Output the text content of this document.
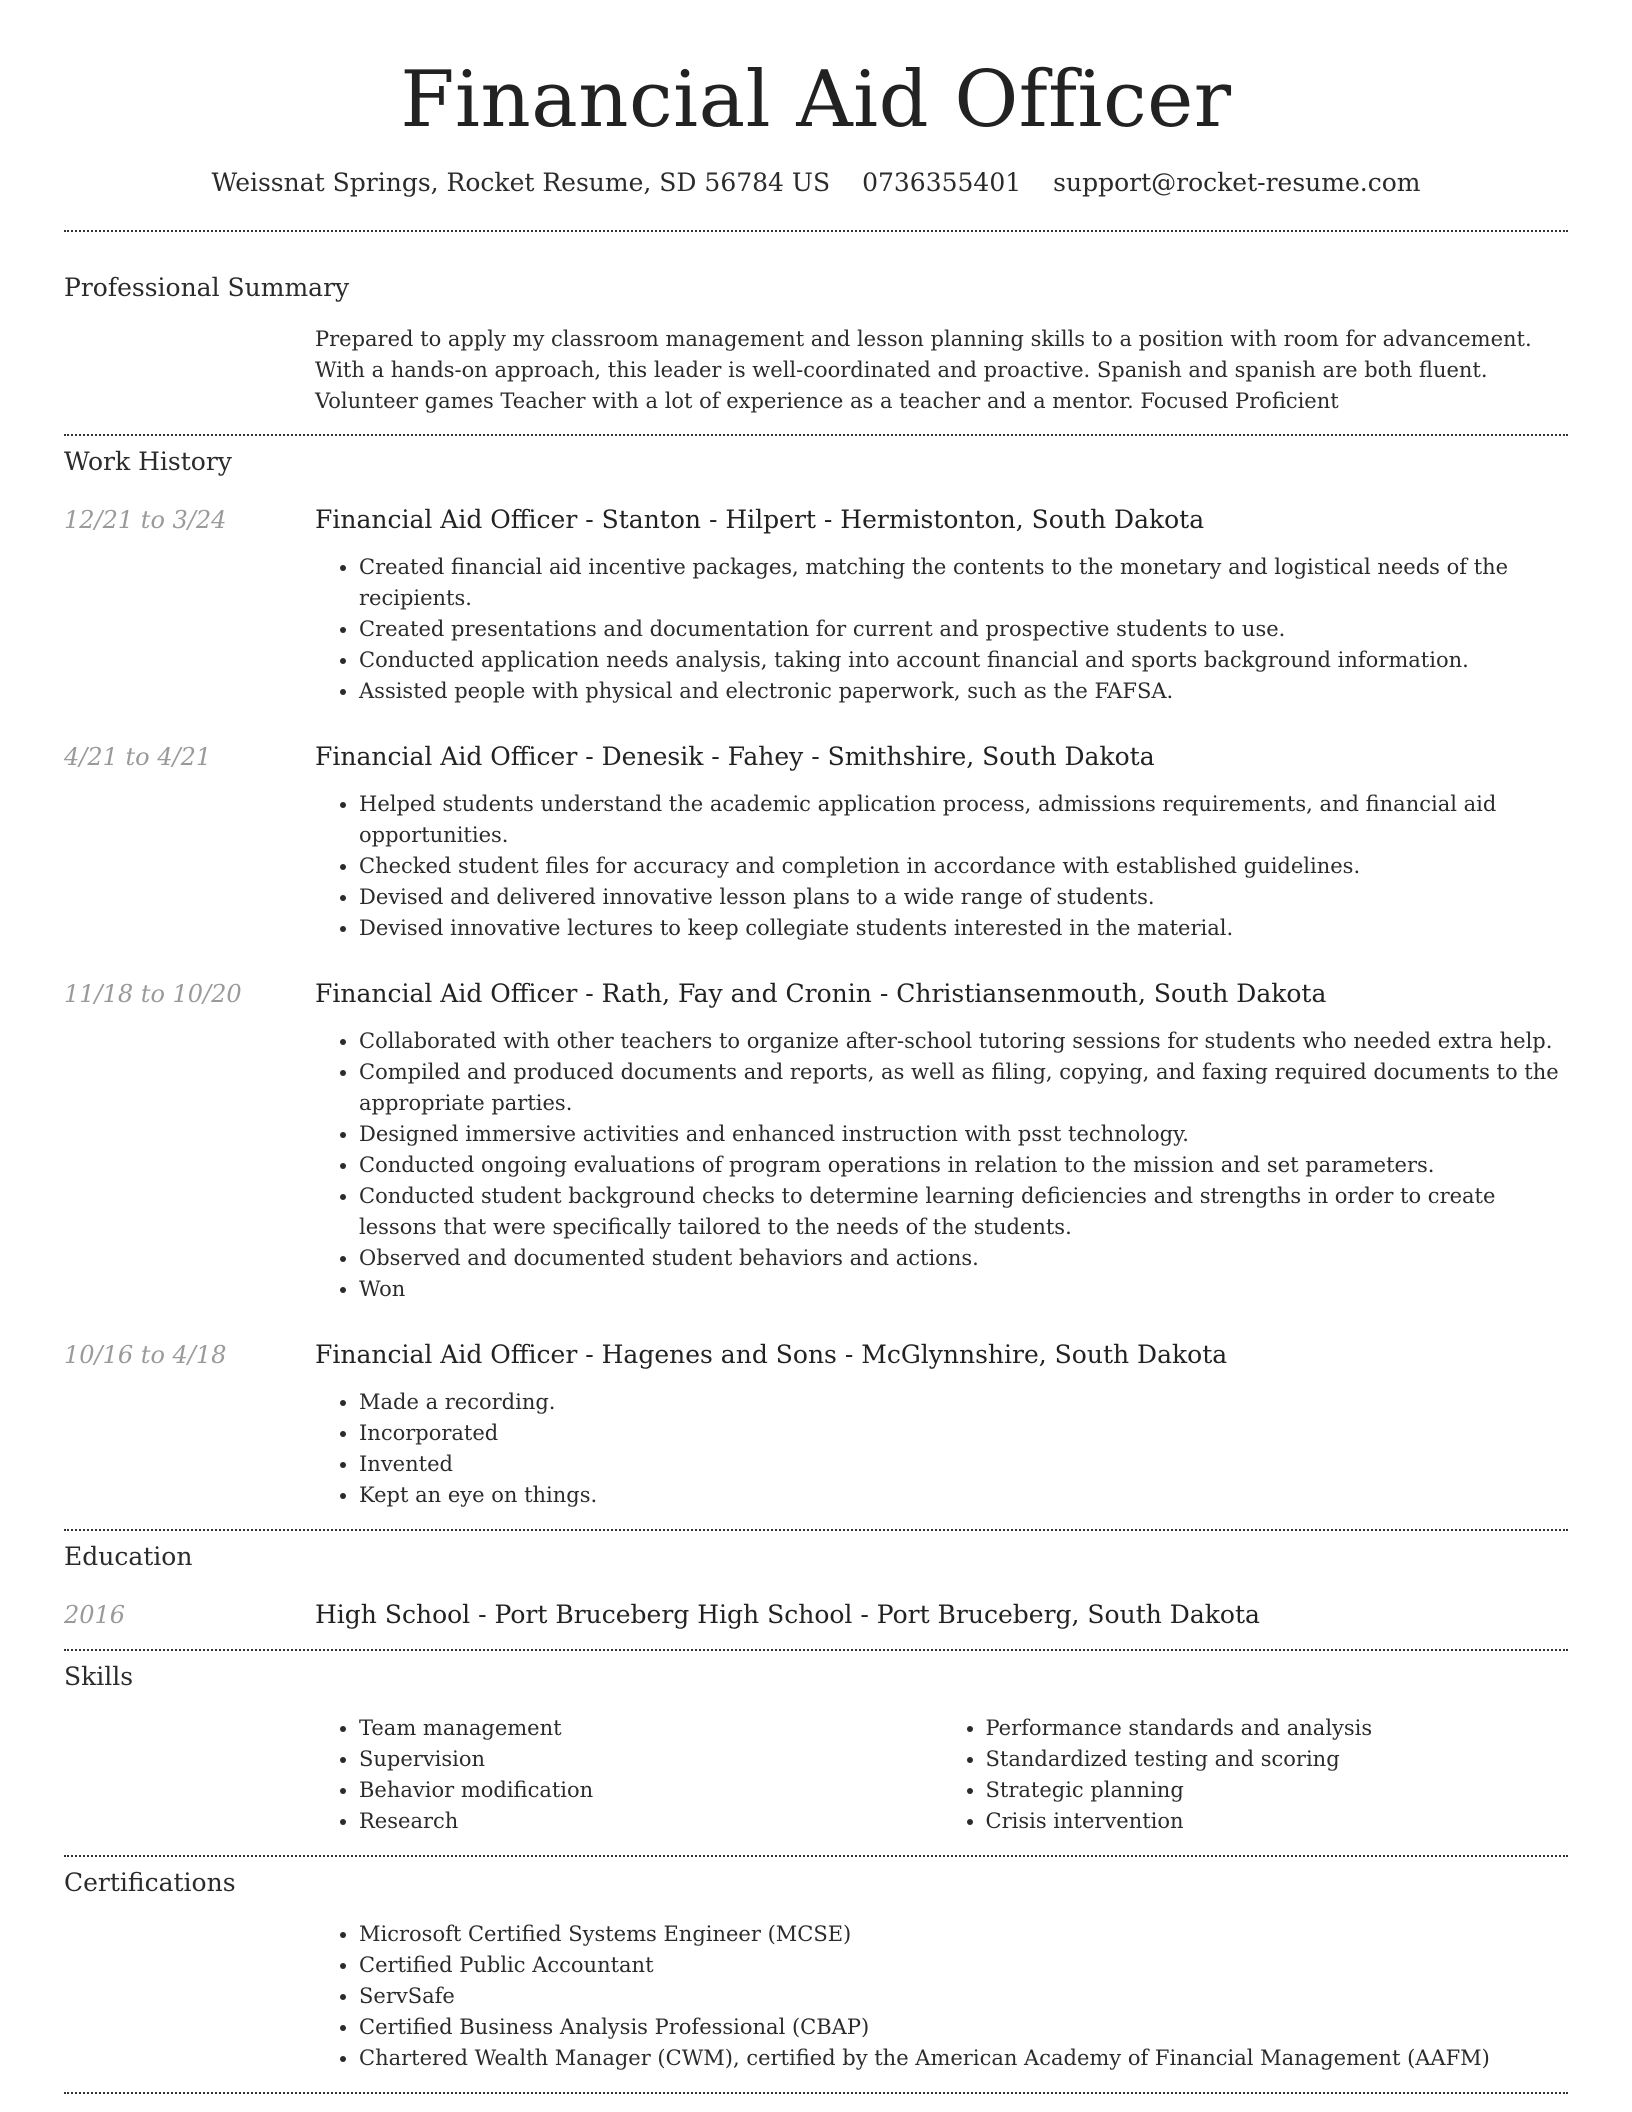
Financial Aid Officer
Weissnat Springs, Rocket Resume, SD 56784 US 0736355401 support@rocket-resume.com
Professional Summary

Prepared to apply my classroom management and lesson planning skills to a position with room for advancement. With a hands-on approach, this leader is well-coordinated and proactive. Spanish and spanish are both fluent. Volunteer games Teacher with a lot of experience as a teacher and a mentor. Focused Proficient

Work History
12/21 to 3/24	Financial Aid Officer - Stanton - Hilpert - Hermistonton, South Dakota
• Created financial aid incentive packages, matching the contents to the monetary and logistical needs of the recipients.
• Created presentations and documentation for current and prospective students to use.
• Conducted application needs analysis, taking into account financial and sports background information.
• Assisted people with physical and electronic paperwork, such as the FAFSA.
4/21 to 4/21	Financial Aid Officer - Denesik - Fahey - Smithshire, South Dakota
• Helped students understand the academic application process, admissions requirements, and financial aid opportunities.
• Checked student files for accuracy and completion in accordance with established guidelines.
• Devised and delivered innovative lesson plans to a wide range of students.
• Devised innovative lectures to keep collegiate students interested in the material.
11/18 to 10/20	Financial Aid Officer - Rath, Fay and Cronin - Christiansenmouth, South Dakota
• Collaborated with other teachers to organize after-school tutoring sessions for students who needed extra help.
• Compiled and produced documents and reports, as well as filing, copying, and faxing required documents to the appropriate parties.
• Designed immersive activities and enhanced instruction with psst technology.
• Conducted ongoing evaluations of program operations in relation to the mission and set parameters.
• Conducted student background checks to determine learning deficiencies and strengths in order to create lessons that were specifically tailored to the needs of the students.
• Observed and documented student behaviors and actions.
• Won
10/16 to 4/18	Financial Aid Officer - Hagenes and Sons - McGlynnshire, South Dakota
• Made a recording.
• Incorporated
• Invented
• Kept an eye on things.
Education
2016	High School - Port Bruceberg High School - Port Bruceberg, South Dakota
Skills
• Team management
• Supervision
• Behavior modification
• Research
• Performance standards and analysis
• Standardized testing and scoring
• Strategic planning
• Crisis intervention
Certifications
• Microsoft Certified Systems Engineer (MCSE)
• Certified Public Accountant
• ServSafe
• Certified Business Analysis Professional (CBAP)
• Chartered Wealth Manager (CWM), certified by the American Academy of Financial Management (AAFM)
